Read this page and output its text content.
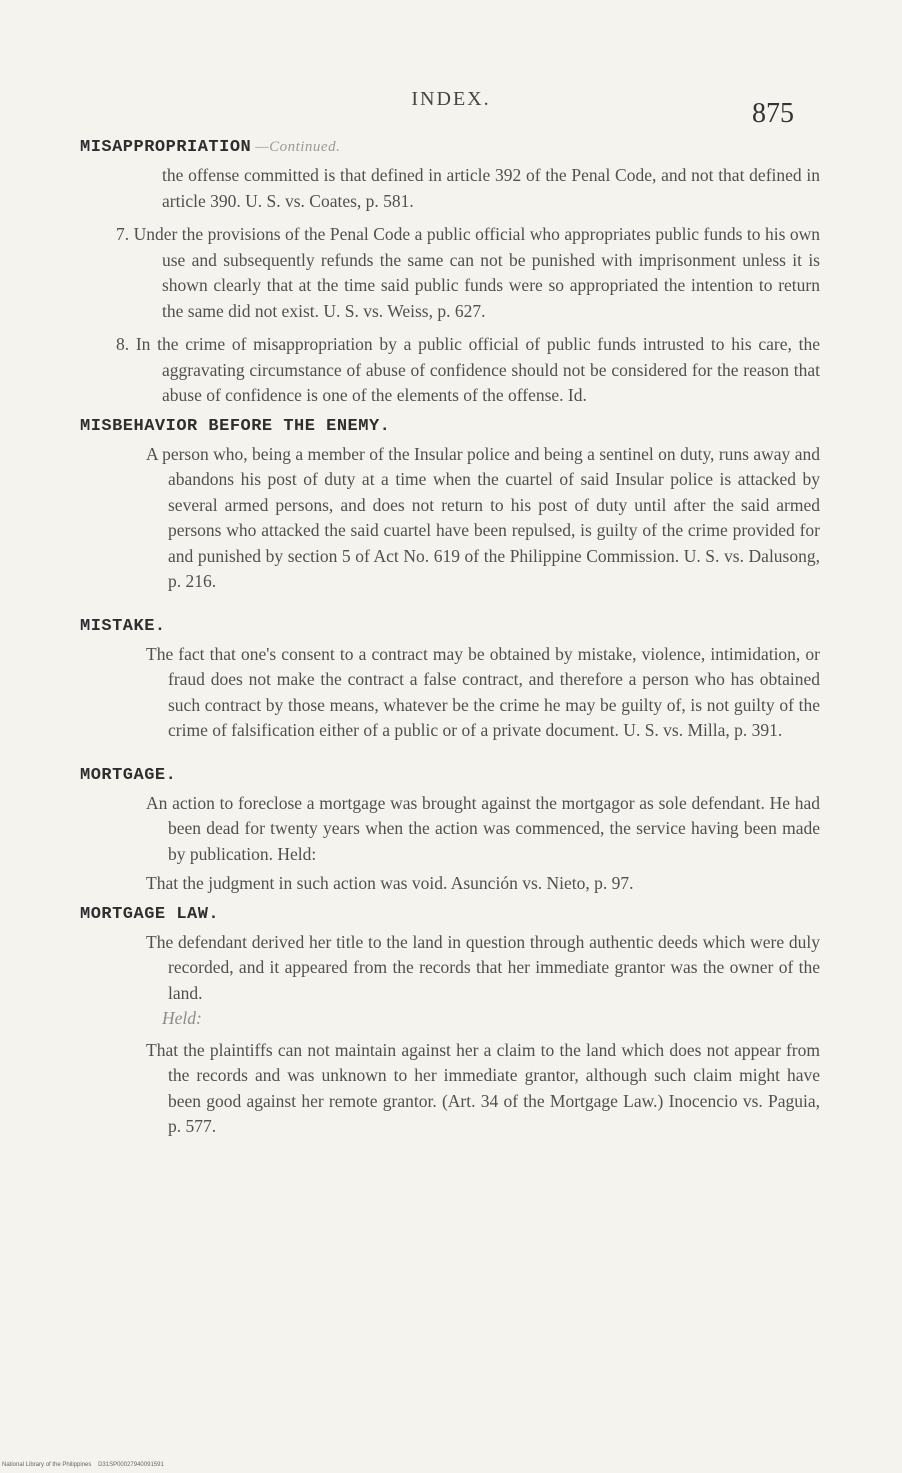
INDEX.	875
MISAPPROPRIATION —Continued.

the offense committed is that defined in article 392 of the Penal Code, and not that defined in article 390. U. S. vs. Coates, p. 581.

7. Under the provisions of the Penal Code a public official who appropriates public funds to his own use and subsequently refunds the same can not be punished with imprisonment unless it is shown clearly that at the time said public funds were so appropriated the intention to return the same did not exist. U. S. vs. Weiss, p. 627.

8. In the crime of misappropriation by a public official of public funds intrusted to his care, the aggravating circumstance of abuse of confidence should not be considered for the reason that abuse of confidence is one of the elements of the offense. Id.

MISBEHAVIOR BEFORE THE ENEMY.

A person who, being a member of the Insular police and being a sentinel on duty, runs away and abandons his post of duty at a time when the cuartel of said Insular police is attacked by several armed persons, and does not return to his post of duty until after the said armed persons who attacked the said cuartel have been repulsed, is guilty of the crime provided for and punished by section 5 of Act No. 619 of the Philippine Commission. U. S. vs. Dalusong, p. 216.

MISTAKE.

The fact that one's consent to a contract may be obtained by mistake, violence, intimidation, or fraud does not make the contract a false contract, and therefore a person who has obtained such contract by those means, whatever be the crime he may be guilty of, is not guilty of the crime of falsification either of a public or of a private document. U. S. vs. Milla, p. 391.

MORTGAGE.

An action to foreclose a mortgage was brought against the mortgagor as sole defendant. He had been dead for twenty years when the action was commenced, the service having been made by publication. Held:

That the judgment in such action was void. Asunción vs. Nieto, p. 97.

MORTGAGE LAW.

The defendant derived her title to the land in question through authentic deeds which were duly recorded, and it appeared from the records that her immediate grantor was the owner of the land.

Held:

That the plaintiffs can not maintain against her a claim to the land which does not appear from the records and was unknown to her immediate grantor, although such claim might have been good against her remote grantor. (Art. 34 of the Mortgage Law.) Inocencio vs. Paguia, p. 577.

National Library of the Philippines D31SP00027940091591
